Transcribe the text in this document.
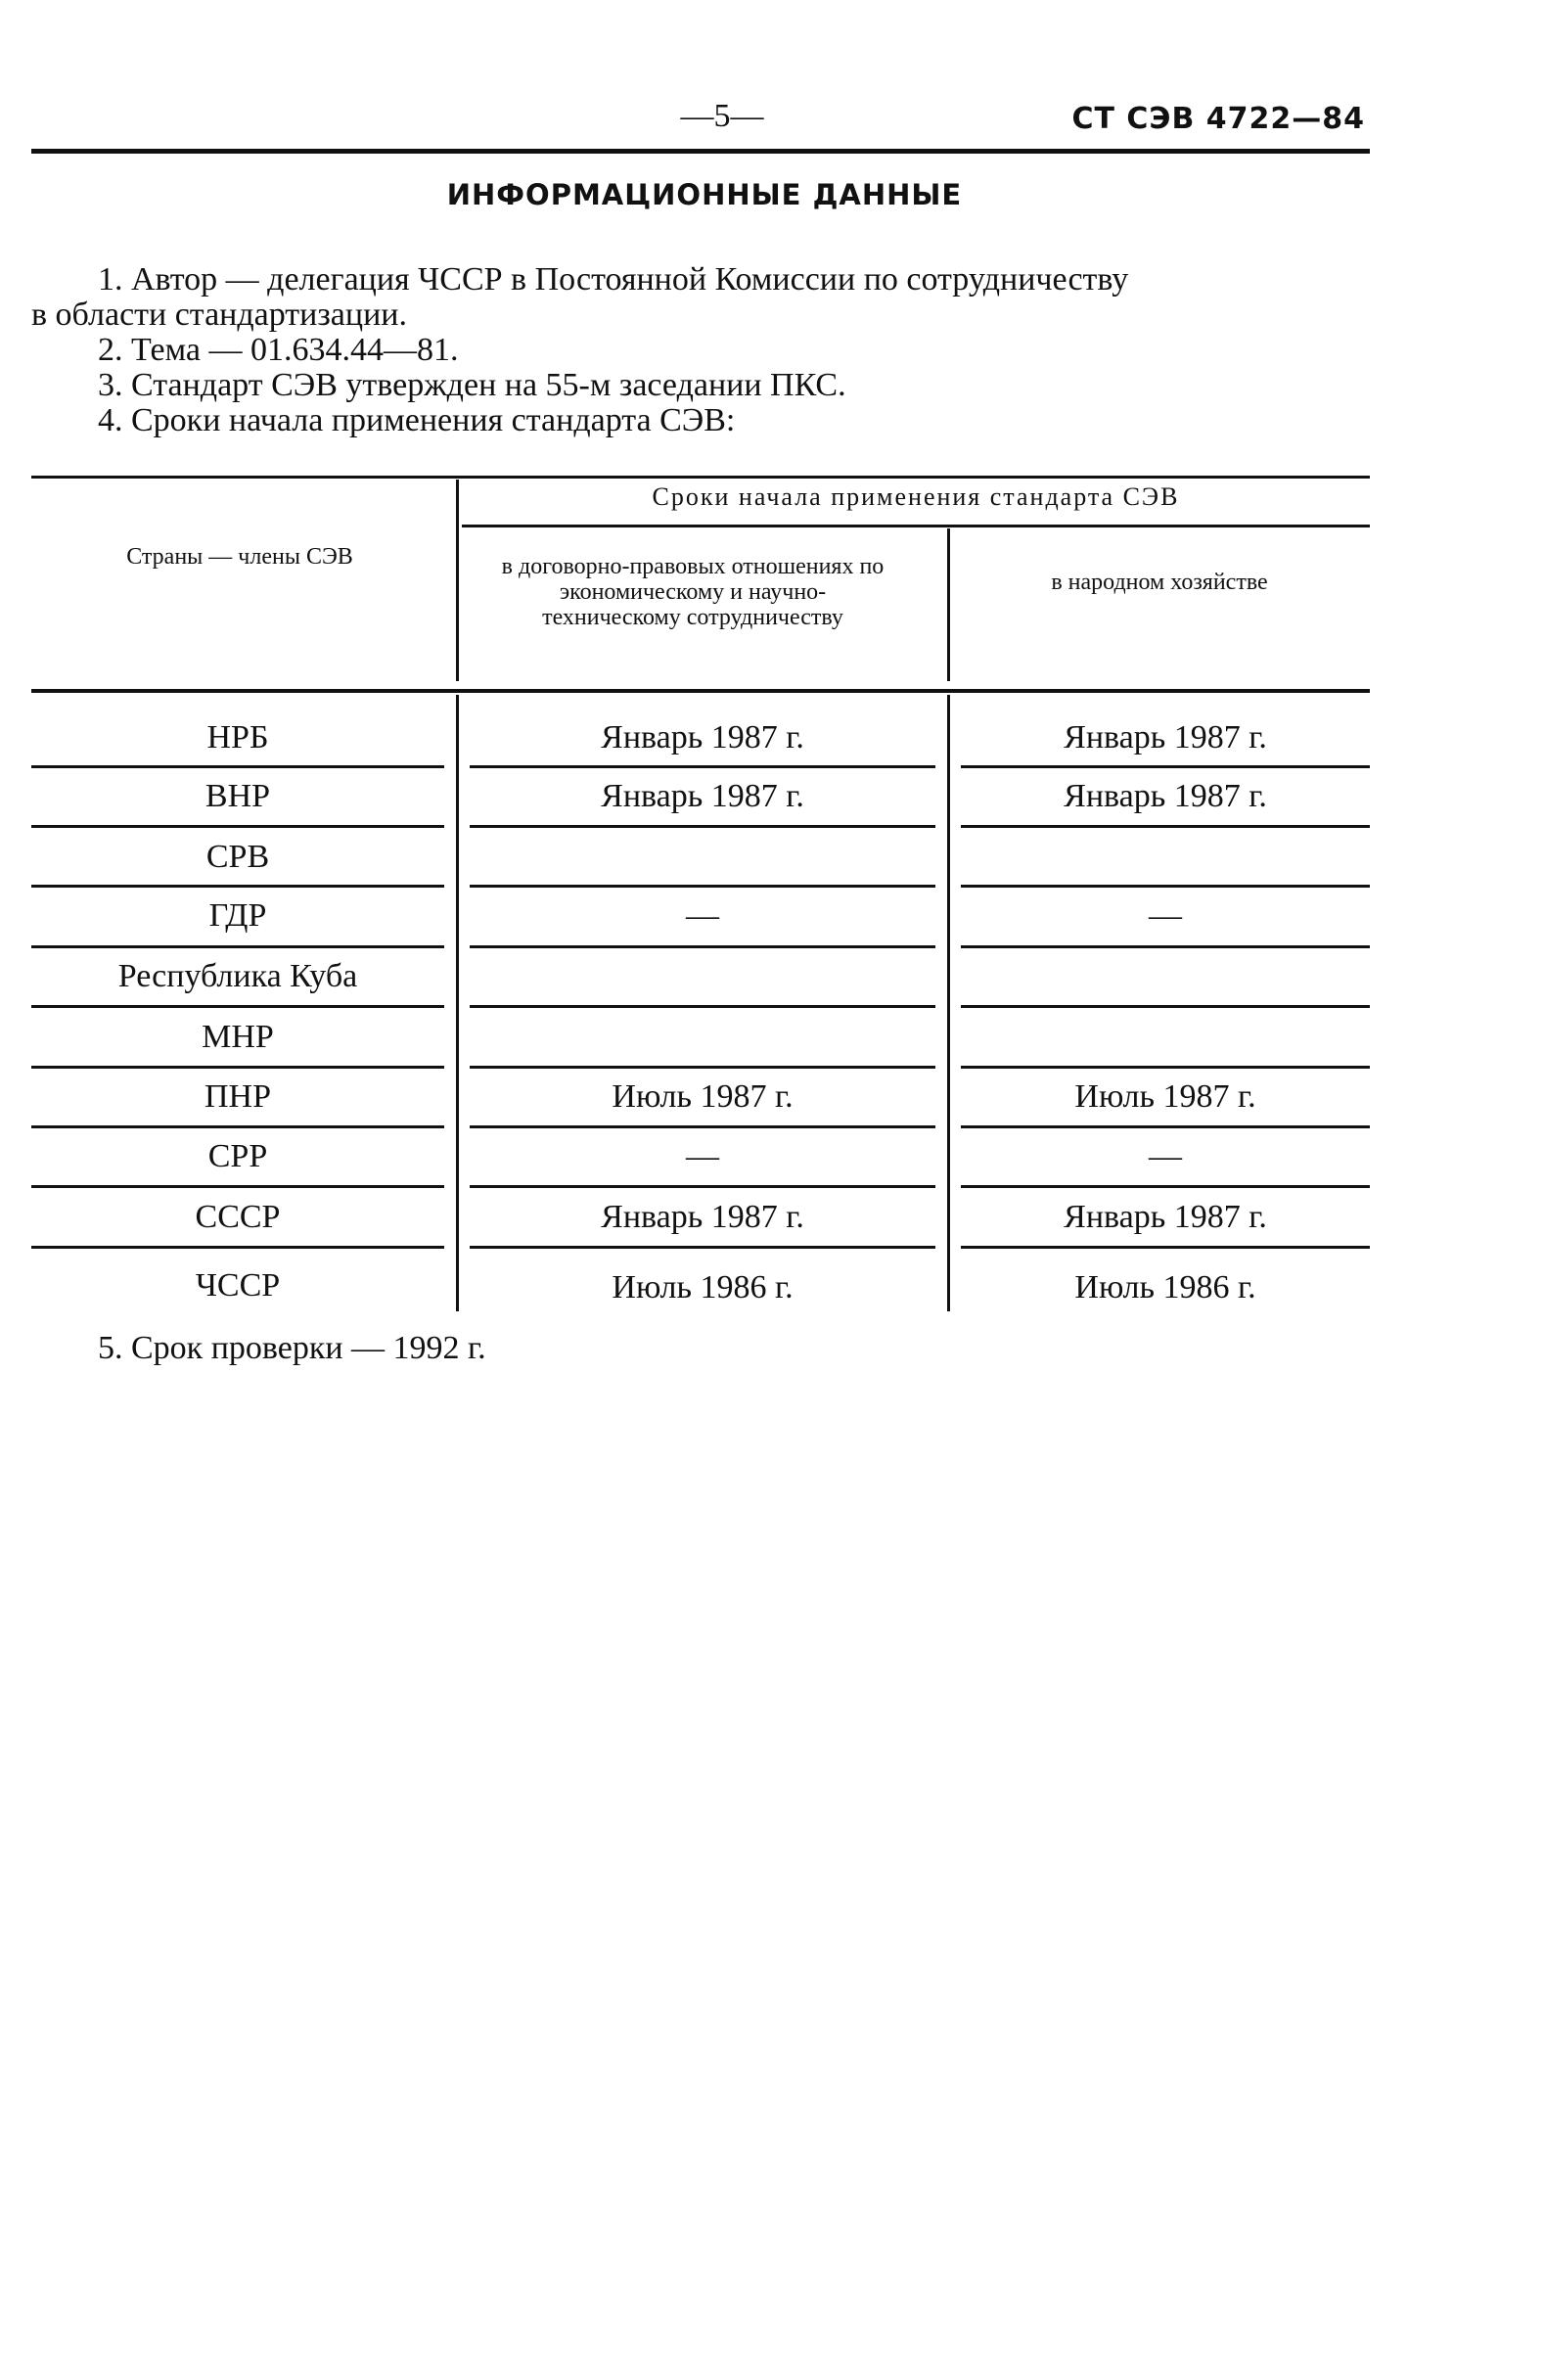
—5—	СТ СЭВ 4722—84
ИНФОРМАЦИОННЫЕ ДАННЫЕ
1. Автор — делегация ЧССР в Постоянной Комиссии по сотрудничеству
в области стандартизации.
2. Тема — 01.634.44—81.
3. Стандарт СЭВ утвержден на 55-м заседании ПКС.
4. Сроки начала применения стандарта СЭВ:
Страны — члены СЭВ
Сроки начала применения стандарта СЭВ
в договорно-правовых отношениях по экономическому и научно-техническому сотрудничеству
в народном хозяйстве
НРБ	Январь 1987 г.	Январь 1987 г.
ВНР	Январь 1987 г.	Январь 1987 г.
СРВ
ГДР	—	—
Республика Куба
МНР
ПНР	Июль 1987 г.	Июль 1987 г.
СРР	—	—
СССР	Январь 1987 г.	Январь 1987 г.
ЧССР	Июль 1986 г.	Июль 1986 г.
5. Срок проверки — 1992 г.
